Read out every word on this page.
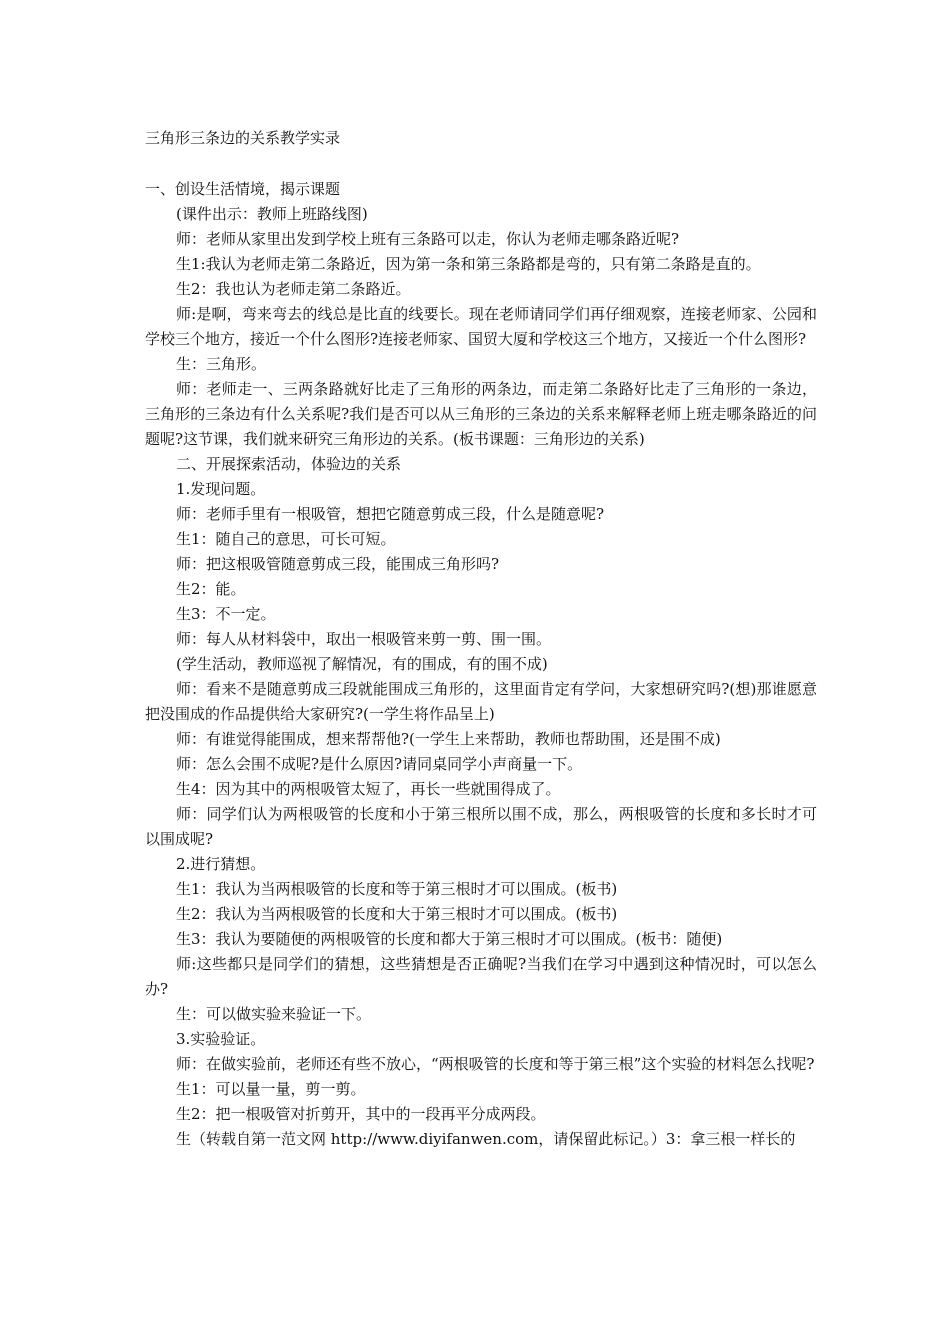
三角形三条边的关系教学实录

一、创设生活情境，揭示课题

(课件出示：教师上班路线图)

师：老师从家里出发到学校上班有三条路可以走，你认为老师走哪条路近呢?

生1:我认为老师走第二条路近，因为第一条和第三条路都是弯的，只有第二条路是直的。

生2：我也认为老师走第二条路近。

师:是啊，弯来弯去的线总是比直的线要长。现在老师请同学们再仔细观察，连接老师家、公园和学校三个地方，接近一个什么图形?连接老师家、国贸大厦和学校这三个地方，又接近一个什么图形?

生：三角形。

师：老师走一、三两条路就好比走了三角形的两条边，而走第二条路好比走了三角形的一条边，三角形的三条边有什么关系呢?我们是否可以从三角形的三条边的关系来解释老师上班走哪条路近的问题呢?这节课，我们就来研究三角形边的关系。(板书课题：三角形边的关系)

二、开展探索活动，体验边的关系

1.发现问题。

师：老师手里有一根吸管，想把它随意剪成三段，什么是随意呢?

生1：随自己的意思，可长可短。

师：把这根吸管随意剪成三段，能围成三角形吗?

生2：能。

生3：不一定。

师：每人从材料袋中，取出一根吸管来剪一剪、围一围。

(学生活动，教师巡视了解情况，有的围成，有的围不成)

师：看来不是随意剪成三段就能围成三角形的，这里面肯定有学问，大家想研究吗?(想)那谁愿意把没围成的作品提供给大家研究?(一学生将作品呈上)

师：有谁觉得能围成，想来帮帮他?(一学生上来帮助，教师也帮助围，还是围不成)

师：怎么会围不成呢?是什么原因?请同桌同学小声商量一下。

生4：因为其中的两根吸管太短了，再长一些就围得成了。

师：同学们认为两根吸管的长度和小于第三根所以围不成，那么，两根吸管的长度和多长时才可以围成呢?

2.进行猜想。

生1：我认为当两根吸管的长度和等于第三根时才可以围成。(板书)

生2：我认为当两根吸管的长度和大于第三根时才可以围成。(板书)

生3：我认为要随便的两根吸管的长度和都大于第三根时才可以围成。(板书：随便)

师:这些都只是同学们的猜想，这些猜想是否正确呢?当我们在学习中遇到这种情况时，可以怎么办?

生：可以做实验来验证一下。

3.实验验证。

师：在做实验前，老师还有些不放心，“两根吸管的长度和等于第三根”这个实验的材料怎么找呢?

生1：可以量一量，剪一剪。

生2：把一根吸管对折剪开，其中的一段再平分成两段。

生（转载自第一范文网 http://www.diyifanwen.com，请保留此标记。）3：拿三根一样长的
